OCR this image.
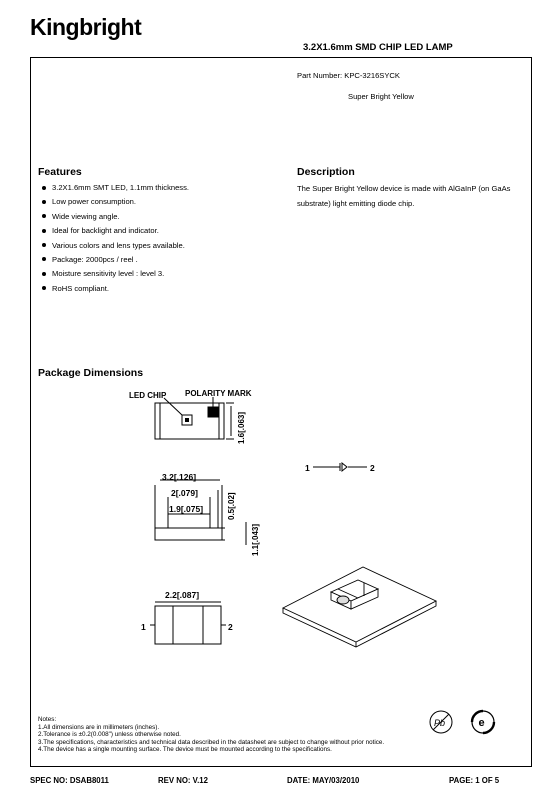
Kingbright
3.2X1.6mm SMD CHIP LED LAMP
Part Number: KPC-3216SYCK
Super Bright Yellow
Features
3.2X1.6mm SMT LED, 1.1mm thickness.
Low power consumption.
Wide viewing angle.
Ideal for backlight and indicator.
Various colors and lens types available.
Package: 2000pcs / reel .
Moisture sensitivity level : level 3.
RoHS compliant.
Description
The Super Bright Yellow device is made with AlGaInP (on GaAs substrate) light emitting diode chip.
Package Dimensions
LED CHIP POLARITY MARK
1.6[.063]
3.2[.126]
2[.079]
1.9[.075]	0.5[.02]
1.1[.043]
2.2[.087]
1	2
1	2
Pb	e
Notes:
1.All dimensions are in millimeters (inches).
2.Tolerance is ±0.2(0.008") unless otherwise noted.
3.The specifications, characteristics and technical data described in the datasheet are subject to change without prior notice.
4.The device has a single mounting surface. The device must be mounted according to the specifications.
SPEC NO: DSAB8011	REV NO: V.12	DATE: MAY/03/2010	PAGE: 1 OF 5
